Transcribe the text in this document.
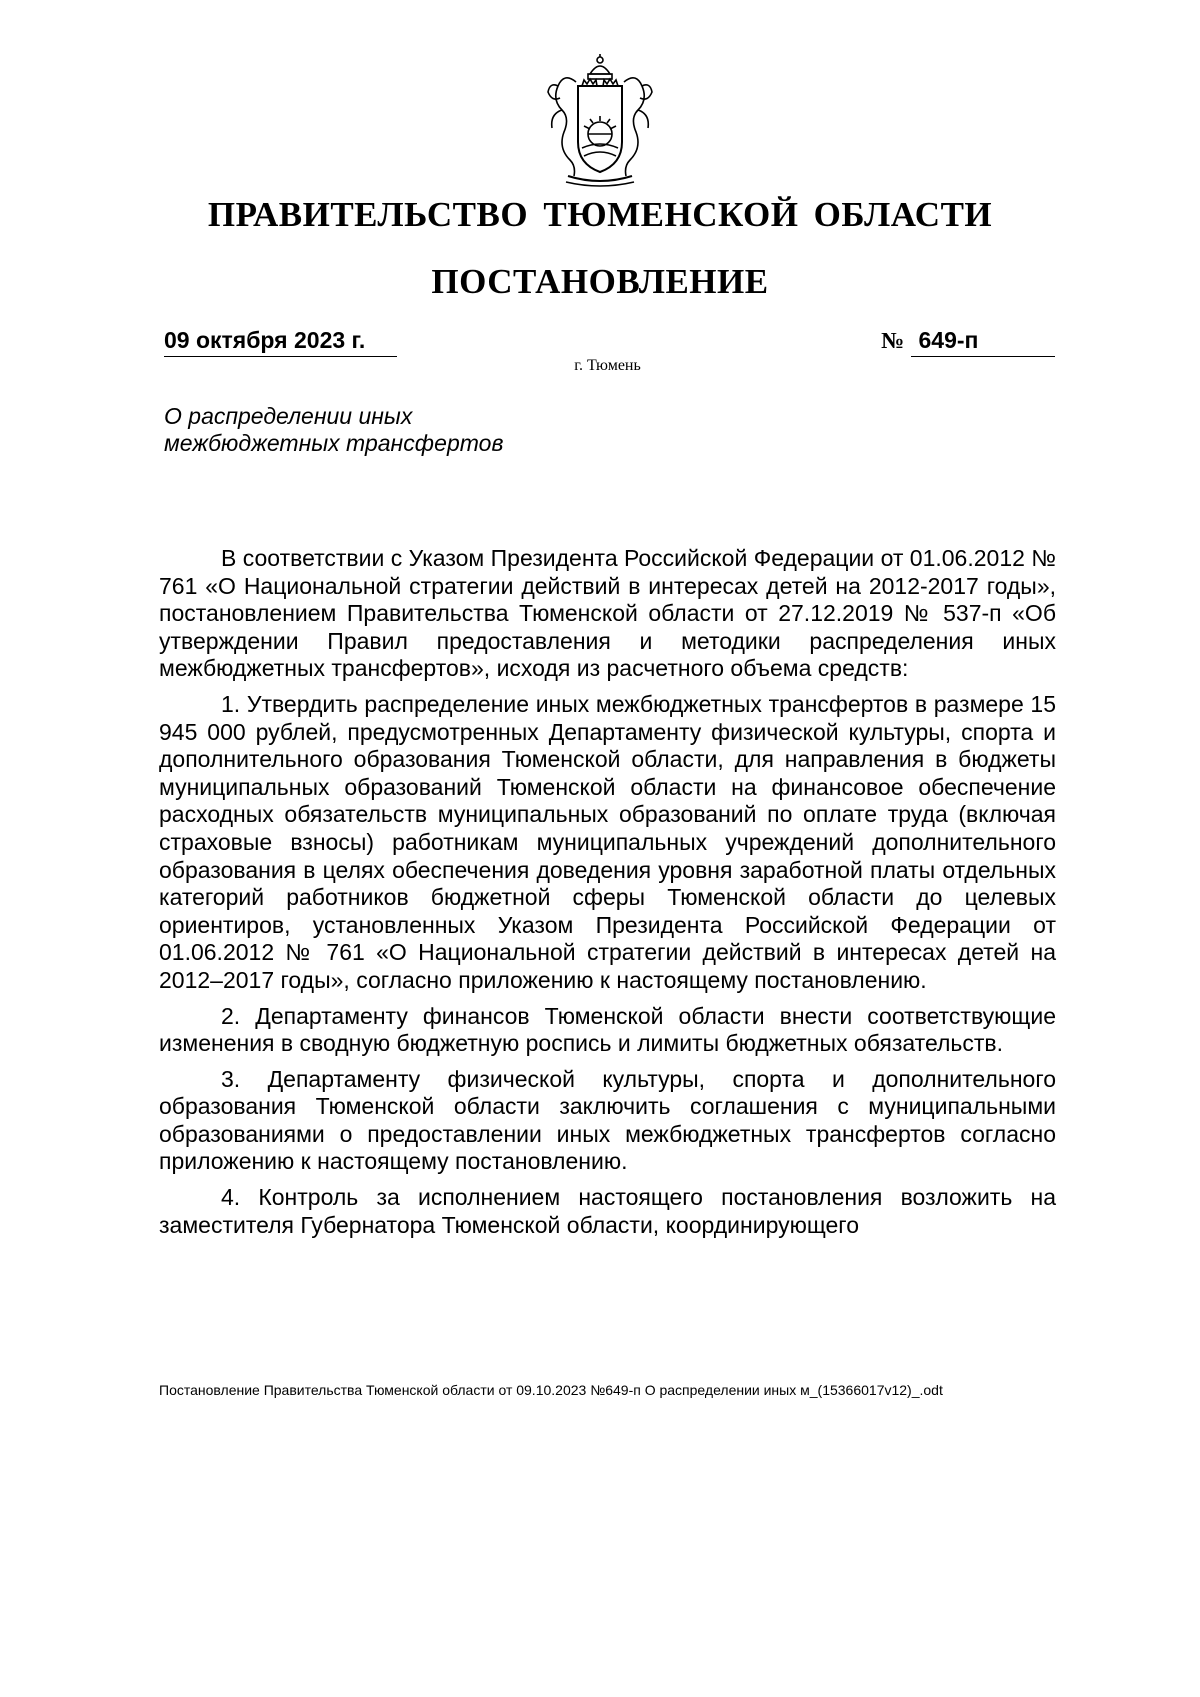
ПРАВИТЕЛЬСТВО ТЮМЕНСКОЙ ОБЛАСТИ
ПОСТАНОВЛЕНИЕ
09 октября 2023 г.	№ 649-п
г. Тюмень
О распределении иных
межбюджетных трансфертов

В соответствии с Указом Президента Российской Федерации от 01.06.2012 № 761 «О Национальной стратегии действий в интересах детей на 2012-2017 годы», постановлением Правительства Тюменской области от 27.12.2019 № 537-п «Об утверждении Правил предоставления и методики распределения иных межбюджетных трансфертов», исходя из расчетного объема средств:

1. Утвердить распределение иных межбюджетных трансфертов в размере 15 945 000 рублей, предусмотренных Департаменту физической культуры, спорта и дополнительного образования Тюменской области, для направления в бюджеты муниципальных образований Тюменской области на финансовое обеспечение расходных обязательств муниципальных образований по оплате труда (включая страховые взносы) работникам муниципальных учреждений дополнительного образования в целях обеспечения доведения уровня заработной платы отдельных категорий работников бюджетной сферы Тюменской области до целевых ориентиров, установленных Указом Президента Российской Федерации от 01.06.2012 № 761 «О Национальной стратегии действий в интересах детей на 2012–2017 годы», согласно приложению к настоящему постановлению.

2. Департаменту финансов Тюменской области внести соответствующие изменения в сводную бюджетную роспись и лимиты бюджетных обязательств.

3. Департаменту физической культуры, спорта и дополнительного образования Тюменской области заключить соглашения с муниципальными образованиями о предоставлении иных межбюджетных трансфертов согласно приложению к настоящему постановлению.

4. Контроль за исполнением настоящего постановления возложить на заместителя Губернатора Тюменской области, координирующего

Постановление Правительства Тюменской области от 09.10.2023 №649-п О распределении иных м_(15366017v12)_.odt
